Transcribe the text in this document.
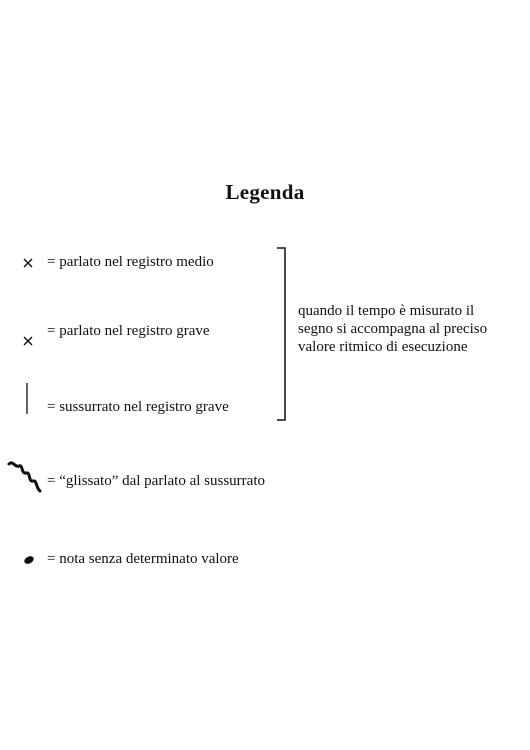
Legenda
= parlato nel registro medio
= parlato nel registro grave
= sussurrato nel registro grave
quando il tempo è misurato il
segno si accompagna al preciso
valore ritmico di esecuzione
= “glissato” dal parlato al sussurrato
= nota senza determinato valore
